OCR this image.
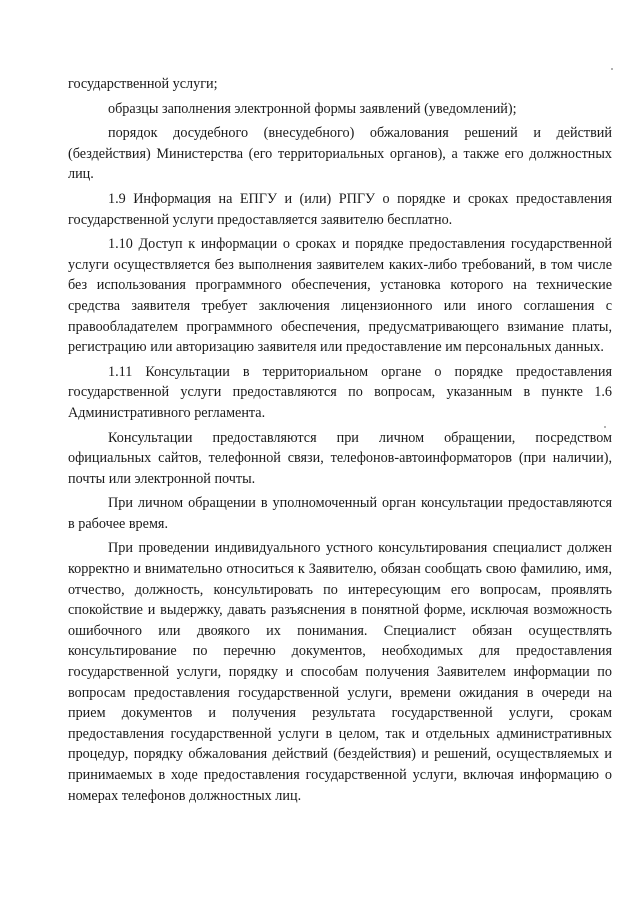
государственной услуги;

образцы заполнения электронной формы заявлений (уведомлений);

порядок досудебного (внесудебного) обжалования решений и действий (бездействия) Министерства (его территориальных органов), а также его должностных лиц.

1.9 Информация на ЕПГУ и (или) РПГУ о порядке и сроках предоставления государственной услуги предоставляется заявителю бесплатно.

1.10 Доступ к информации о сроках и порядке предоставления государственной услуги осуществляется без выполнения заявителем каких-либо требований, в том числе без использования программного обеспечения, установка которого на технические средства заявителя требует заключения лицензионного или иного соглашения с правообладателем программного обеспечения, предусматривающего взимание платы, регистрацию или авторизацию заявителя или предоставление им персональных данных.

1.11 Консультации в территориальном органе о порядке предоставления государственной услуги предоставляются по вопросам, указанным в пункте 1.6 Административного регламента.

Консультации предоставляются при личном обращении, посредством официальных сайтов, телефонной связи, телефонов-автоинформаторов (при наличии), почты или электронной почты.

При личном обращении в уполномоченный орган консультации предоставляются в рабочее время.

При проведении индивидуального устного консультирования специалист должен корректно и внимательно относиться к Заявителю, обязан сообщать свою фамилию, имя, отчество, должность, консультировать по интересующим его вопросам, проявлять спокойствие и выдержку, давать разъяснения в понятной форме, исключая возможность ошибочного или двоякого их понимания. Специалист обязан осуществлять консультирование по перечню документов, необходимых для предоставления государственной услуги, порядку и способам получения Заявителем информации по вопросам предоставления государственной услуги, времени ожидания в очереди на прием документов и получения результата государственной услуги, срокам предоставления государственной услуги в целом, так и отдельных административных процедур, порядку обжалования действий (бездействия) и решений, осуществляемых и принимаемых в ходе предоставления государственной услуги, включая информацию о номерах телефонов должностных лиц.
